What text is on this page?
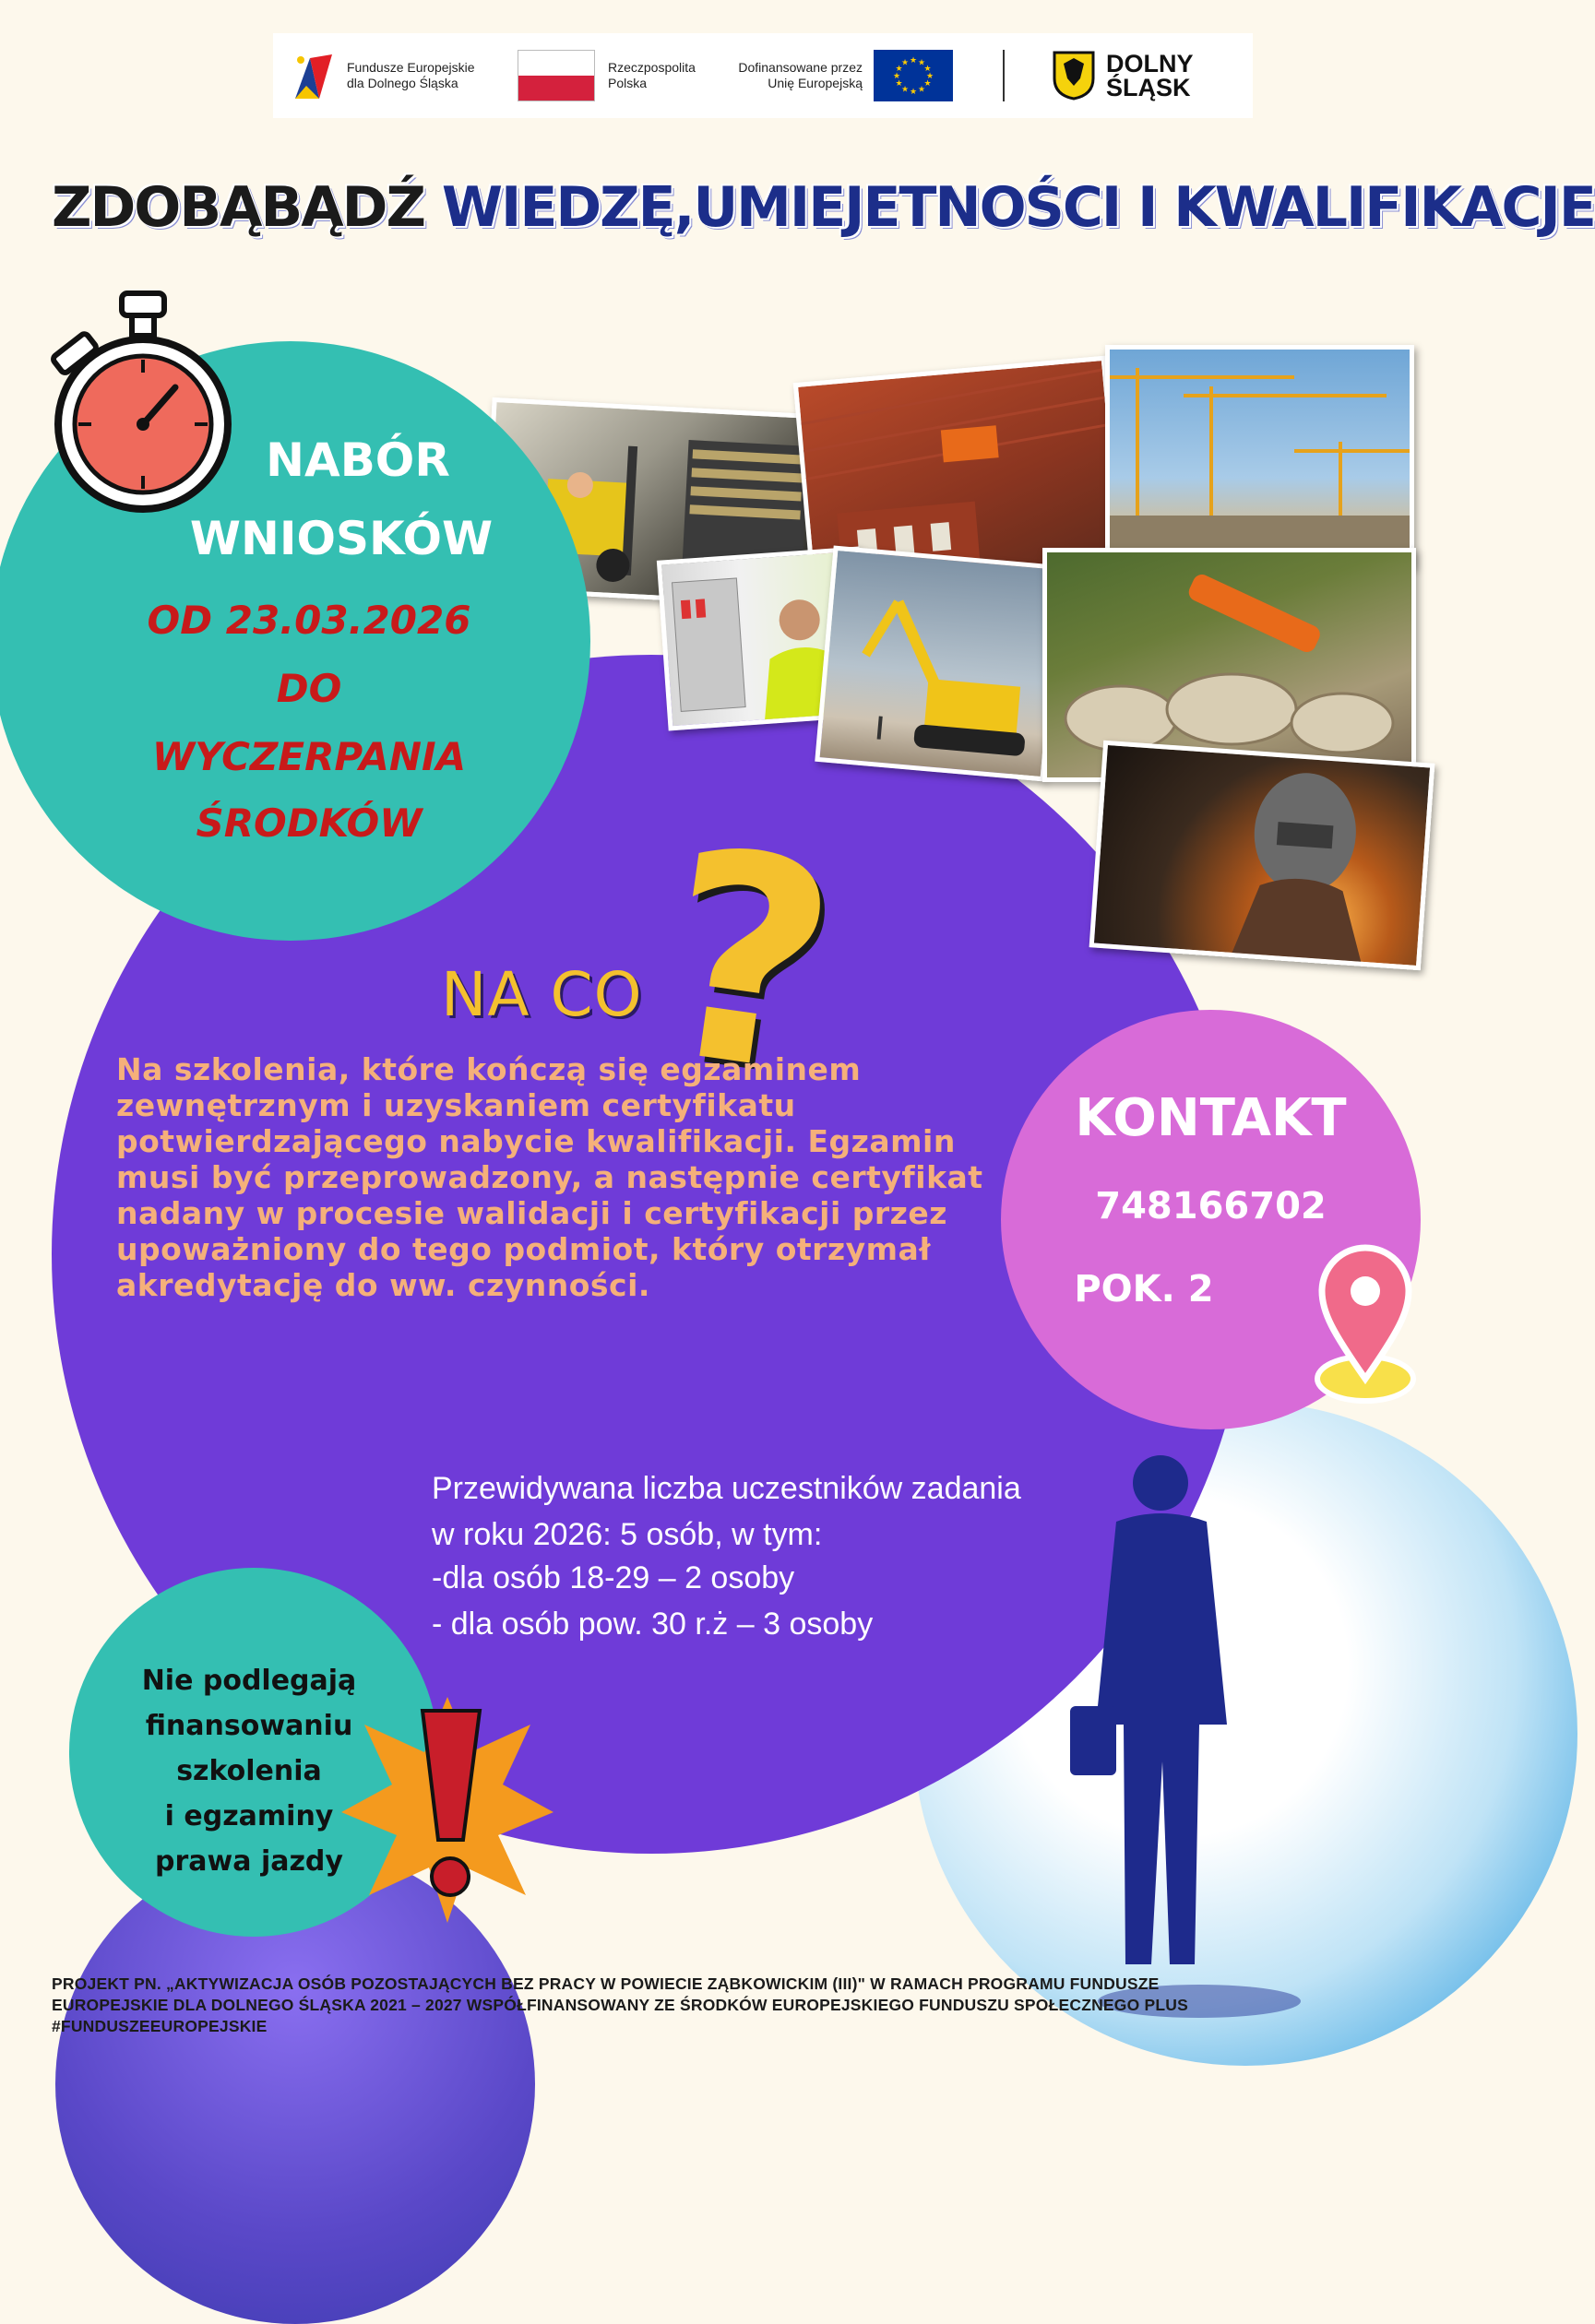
Fundusze Europejskie
dla Dolnego Śląska
Rzeczpospolita
Polska
Dofinansowane przez
Unię Europejską
★ ★
★
★
★
★
★
★
★
★
★
★	DOLNY
ŚLĄSK
ZDOBĄBĄDŹ WIEDZĘ,UMIEJETNOŚCI I KWALIFIKACJE
NABÓR
WNIOSKÓW
OD 23.03.2026
DO
WYCZERPANIA
ŚRODKÓW ?
NA CO
Na szkolenia, które kończą się egzaminem zewnętrznym i uzyskaniem certyfikatu potwierdzającego nabycie kwalifikacji. Egzamin musi być przeprowadzony, a następnie certyfikat nadany w procesie walidacji i certyfikacji przez upoważniony do tego podmiot, który otrzymał akredytację do ww. czynności.
KONTAKT
748166702
POK. 2
Przewidywana liczba uczestników zadania
w roku 2026: 5 osób, w tym:
-dla osób 18-29 – 2 osoby
- dla osób pow. 30 r.ż – 3 osoby
Nie podlegają
finansowaniu
szkolenia
i egzaminy
prawa jazdy
PROJEKT PN. „AKTYWIZACJA OSÓB POZOSTAJĄCYCH BEZ PRACY W POWIECIE ZĄBKOWICKIM (III)" W RAMACH PROGRAMU FUNDUSZE
EUROPEJSKIE DLA DOLNEGO ŚLĄSKA 2021 – 2027 WSPÓŁFINANSOWANY ZE ŚRODKÓW EUROPEJSKIEGO FUNDUSZU SPOŁECZNEGO PLUS
#FUNDUSZEEUROPEJSKIE
